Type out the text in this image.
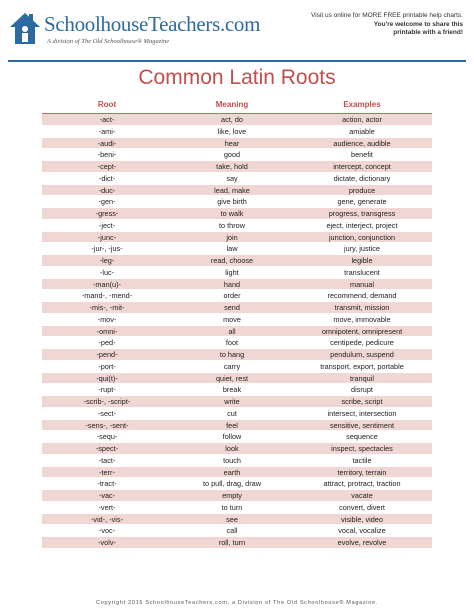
SchoolhouseTeachers.com
A division of The Old Schoolhouse® Magazine
Visit us online for MORE FREE printable help charts.
You're welcome to share this
printable with a friend!
Common Latin Roots
Root	Meaning	Examples
-act-	act, do	action, actor
-ami-	like, love	amiable
-audi-	hear	audience, audible
-beni-	good	benefit
-cept-	take, hold	intercept, concept
-dict-	say	dictate, dictionary
-duc-	lead, make	produce
-gen-	give birth	gene, generate
-gress-	to walk	progress, transgress
-ject-	to throw	eject, interject, project
-junc-	join	junction, conjunction
-jur-, -jus-	law	jury, justice
-leg-	read, choose	legible
-luc-	light	translucent
-man(u)-	hand	manual
-mand-, -mend-	order	recommend, demand
-mis-, -mit-	send	transmit, mission
-mov-	move	move, immovable
-omni-	all	omnipotent, omnipresent
-ped-	foot	centipede, pedicure
-pend-	to hang	pendulum, suspend
-port-	carry	transport, export, portable
-qui(t)-	quiet, rest	tranquil
-rupt-	break	disrupt
-scrib-, -script-	write	scribe, script
-sect-	cut	intersect, intersection
-sens-, -sent-	feel	sensitive, sentiment
-sequ-	follow	sequence
-spect-	look	inspect, spectacles
-tact-	touch	tactile
-terr-	earth	territory, terrain
-tract-	to pull, drag, draw	attract, protract, traction
-vac-	empty	vacate
-vert-	to turn	convert, divert
-vid-, -vis-	see	visible, video
-voc-	call	vocal, vocalize
-volv-	roll, turn	evolve, revolve
Copyright 2016 SchoolhouseTeachers.com, a Division of The Old Schoolhouse® Magazine.
